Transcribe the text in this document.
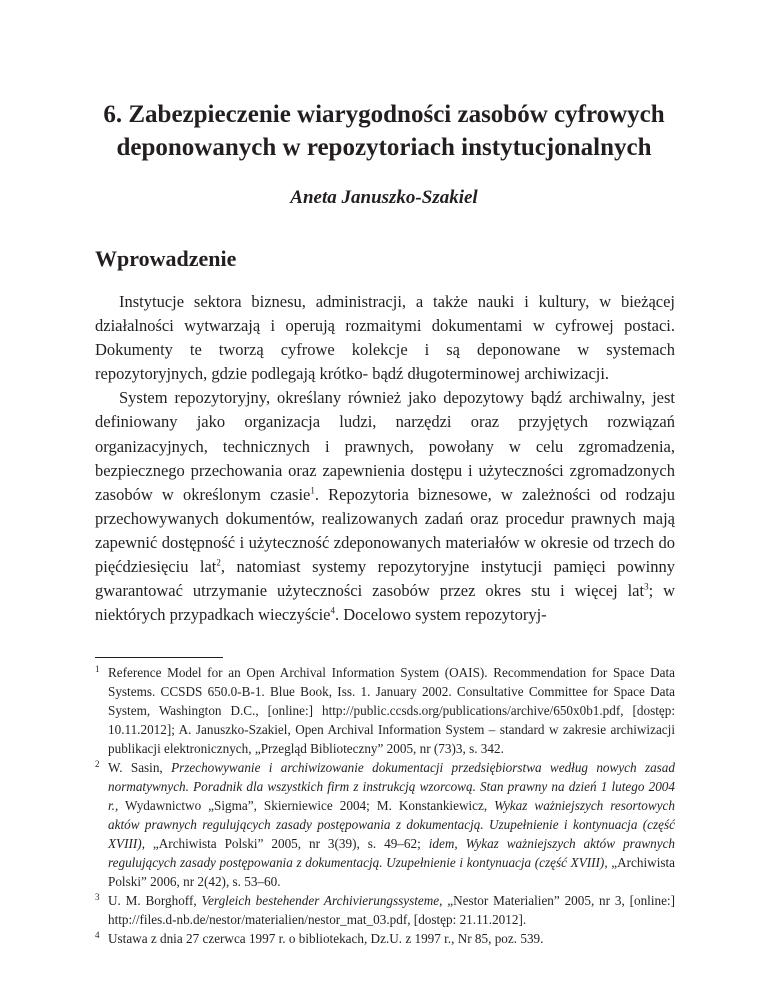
6. Zabezpieczenie wiarygodności zasobów cyfrowych
deponowanych w repozytoriach instytucjonalnych
Aneta Januszko-Szakiel
Wprowadzenie

Instytucje sektora biznesu, administracji, a także nauki i kultury, w bieżącej działalności wytwarzają i operują rozmaitymi dokumentami w cyfrowej postaci. Dokumenty te tworzą cyfrowe kolekcje i są deponowane w systemach repozytoryjnych, gdzie podlegają krótko- bądź długoterminowej archiwizacji.

System repozytoryjny, określany również jako depozytowy bądź archiwalny, jest definiowany jako organizacja ludzi, narzędzi oraz przyjętych rozwiązań organizacyjnych, technicznych i prawnych, powołany w celu zgromadzenia, bezpiecznego przechowania oraz zapewnienia dostępu i użyteczności zgromadzonych zasobów w określonym czasie$^1$. Repozytoria biznesowe, w zależności od rodzaju przechowywanych dokumentów, realizowanych zadań oraz procedur prawnych mają zapewnić dostępność i użyteczność zdeponowanych materiałów w okresie od trzech do pięćdziesięciu lat$^2$, natomiast systemy repozytoryjne instytucji pamięci powinny gwarantować utrzymanie użyteczności zasobów przez okres stu i więcej lat$^3$; w niektórych przypadkach wieczyście$^4$. Docelowo system repozytoryj-

1 Reference Model for an Open Archival Information System (OAIS). Recommendation for Space Data Systems. CCSDS 650.0-B-1. Blue Book, Iss. 1. January 2002. Consultative Committee for Space Data System, Washington D.C., [online:] http://public.ccsds.org/publications/archive/650x0b1.pdf, [dostęp: 10.11.2012]; A. Januszko-Szakiel, Open Archival Information System – standard w zakresie archiwizacji publikacji elektronicznych, „Przegląd Biblioteczny” 2005, nr (73)3, s. 342.
2 W. Sasin, Przechowywanie i archiwizowanie dokumentacji przedsiębiorstwa według nowych zasad normatywnych. Poradnik dla wszystkich firm z instrukcją wzorcową. Stan prawny na dzień 1 lutego 2004 r., Wydawnictwo „Sigma”, Skierniewice 2004; M. Konstankiewicz, Wykaz ważniejszych resortowych aktów prawnych regulujących zasady postępowania z dokumentacją. Uzupełnienie i kontynuacja (część XVIII), „Archiwista Polski” 2005, nr 3(39), s. 49–62; idem, Wykaz ważniejszych aktów prawnych regulujących zasady postępowania z dokumentacją. Uzupełnienie i kontynuacja (część XVIII), „Archiwista Polski” 2006, nr 2(42), s. 53–60.
3 U. M. Borghoff, Vergleich bestehender Archivierungssysteme, „Nestor Materialien” 2005, nr 3, [online:] http://files.d-nb.de/nestor/materialien/nestor_mat_03.pdf, [dostęp: 21.11.2012].
4 Ustawa z dnia 27 czerwca 1997 r. o bibliotekach, Dz.U. z 1997 r., Nr 85, poz. 539.
